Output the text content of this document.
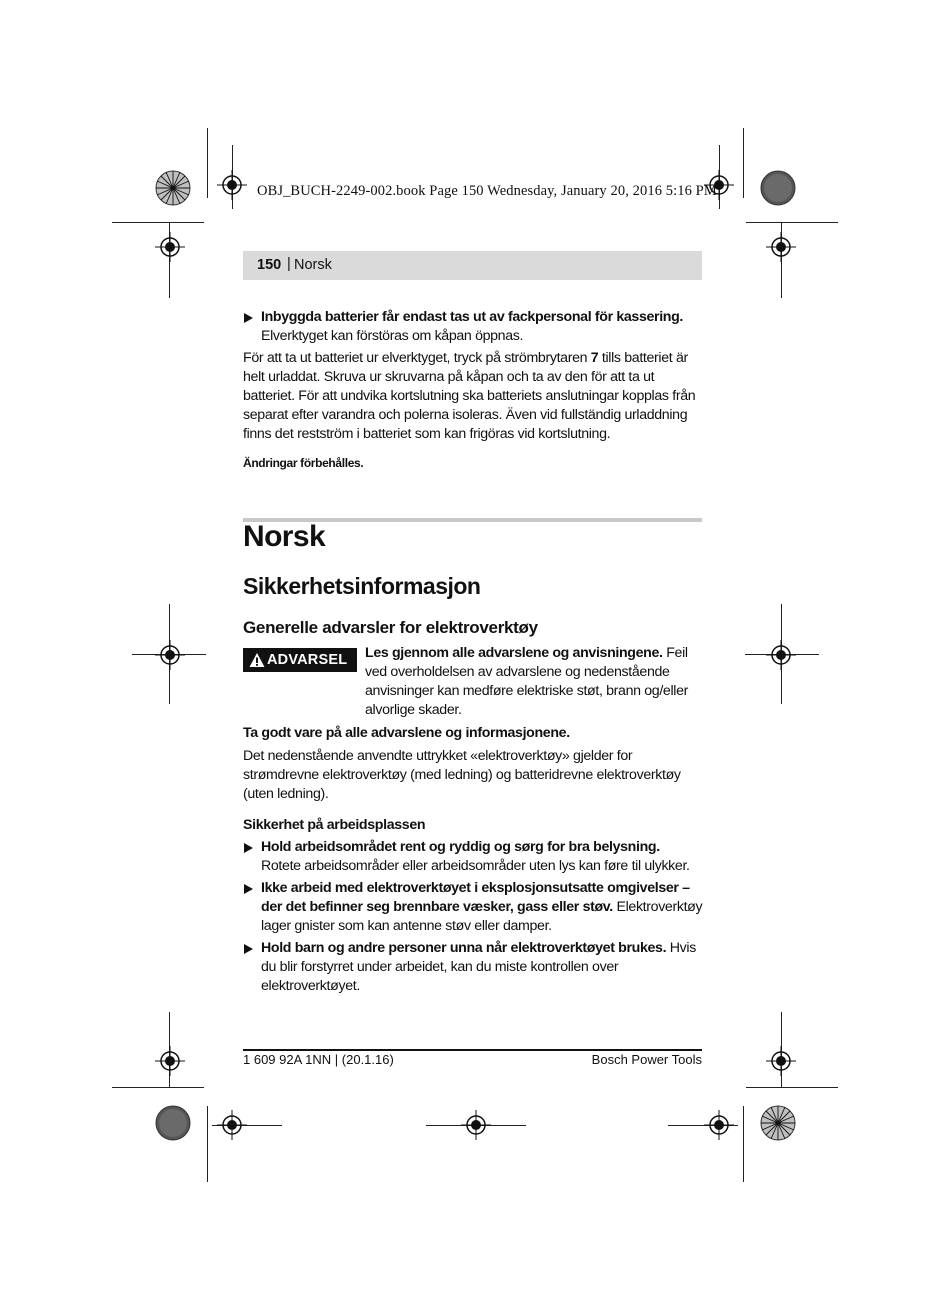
OBJ_BUCH-2249-002.book Page 150 Wednesday, January 20, 2016 5:16 PM
150 | Norsk
Inbyggda batterier får endast tas ut av fackpersonal för kassering.
Elverktyget kan förstöras om kåpan öppnas.

För att ta ut batteriet ur elverktyget, tryck på strömbrytaren 7 tills batteriet är helt urladdat. Skruva ur skruvarna på kåpan och ta av den för att ta ut batteriet. För att undvika kortslutning ska batteriets anslutningar kopplas från separat efter varandra och polerna isoleras. Även vid fullständig urladdning finns det restström i batteriet som kan frigöras vid kortslutning.

Ändringar förbehålles.

Norsk
Sikkerhetsinformasjon
Generelle advarsler for elektroverktøy
ADVARSEL Les gjennom alle advarslene og anvisningene. Feil ved overholdelsen av advarslene og nedenstående anvisninger kan medføre elektriske støt, brann og/eller alvorlige skader.

Ta godt vare på alle advarslene og informasjonene.

Det nedenstående anvendte uttrykket «elektroverktøy» gjelder for strømdrevne elektroverktøy (med ledning) og batteridrevne elektroverktøy (uten ledning).

Sikkerhet på arbeidsplassen

Hold arbeidsområdet rent og ryddig og sørg for bra belysning. Rotete arbeidsområder eller arbeidsområder uten lys kan føre til ulykker.
Ikke arbeid med elektroverktøyet i eksplosjonsutsatte omgivelser – der det befinner seg brennbare væsker, gass eller støv. Elektroverktøy lager gnister som kan antenne støv eller damper.
Hold barn og andre personer unna når elektroverktøyet brukes. Hvis du blir forstyrret under arbeidet, kan du miste kontrollen over elektroverktøyet.
1 609 92A 1NN | (20.1.16)	Bosch Power Tools
